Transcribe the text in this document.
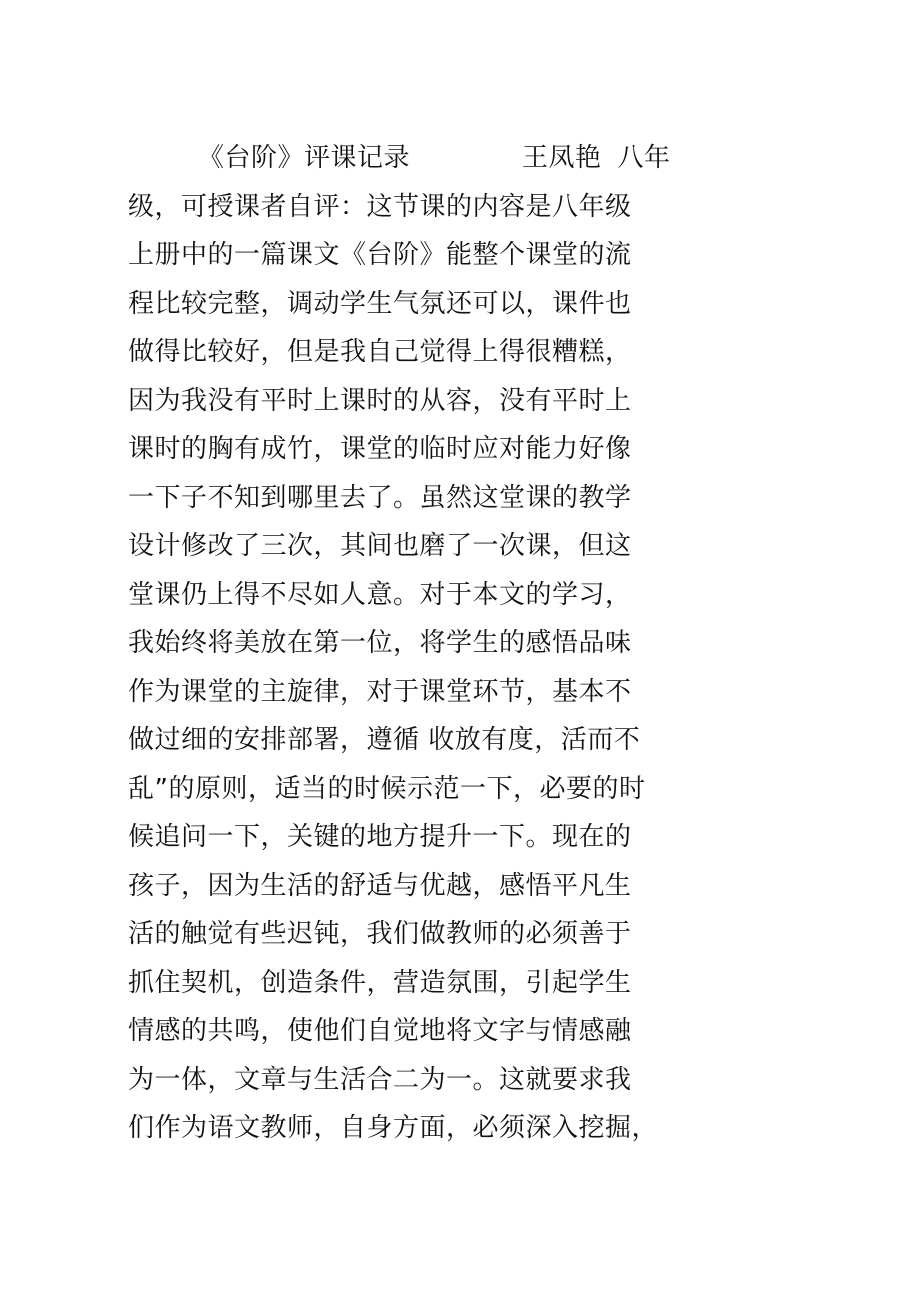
《台阶》评课记录	王凤艳 八年
级，可授课者自评：这节课的内容是八年级
上册中的一篇课文《台阶》能整个课堂的流
程比较完整，调动学生气氛还可以，课件也
做得比较好，但是我自己觉得上得很糟糕，
因为我没有平时上课时的从容，没有平时上
课时的胸有成竹，课堂的临时应对能力好像
一下子不知到哪里去了。虽然这堂课的教学
设计修改了三次，其间也磨了一次课，但这
堂课仍上得不尽如人意。对于本文的学习，
我始终将美放在第一位，将学生的感悟品味
作为课堂的主旋律，对于课堂环节，基本不
做过细的安排部署，遵循 收放有度，活而不
乱”的原则，适当的时候示范一下，必要的时
候追问一下，关键的地方提升一下。现在的
孩子，因为生活的舒适与优越，感悟平凡生
活的触觉有些迟钝，我们做教师的必须善于
抓住契机，创造条件，营造氛围，引起学生
情感的共鸣，使他们自觉地将文字与情感融
为一体，文章与生活合二为一。这就要求我
们作为语文教师，自身方面，必须深入挖掘，
